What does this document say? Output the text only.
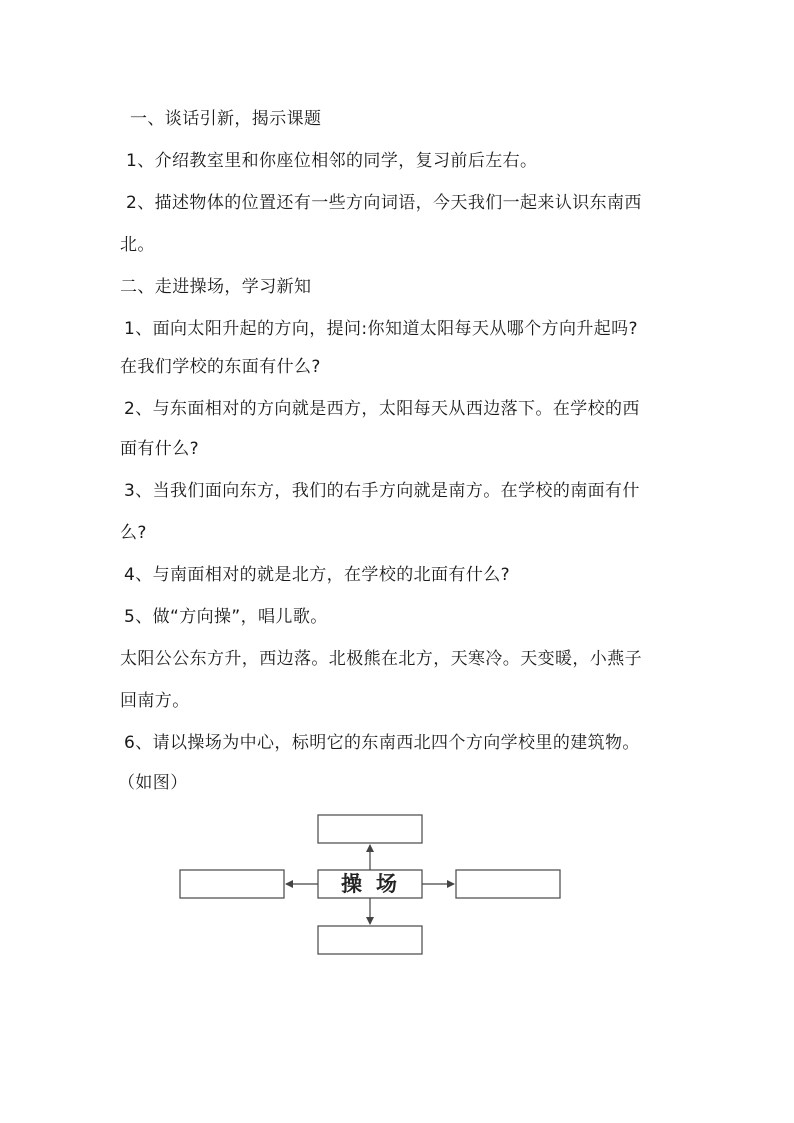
一、谈话引新，揭示课题
1、介绍教室里和你座位相邻的同学，复习前后左右。
2、描述物体的位置还有一些方向词语，今天我们一起来认识东南西
北。
二、走进操场，学习新知
1、面向太阳升起的方向，提问:你知道太阳每天从哪个方向升起吗?
在我们学校的东面有什么?
2、与东面相对的方向就是西方，太阳每天从西边落下。在学校的西
面有什么?
3、当我们面向东方，我们的右手方向就是南方。在学校的南面有什
么?
4、与南面相对的就是北方，在学校的北面有什么?
5、做“方向操”，唱儿歌。
太阳公公东方升，西边落。北极熊在北方，天寒冷。天变暖，小燕子
回南方。
6、请以操场为中心，标明它的东南西北四个方向学校里的建筑物。
（如图）
操场
